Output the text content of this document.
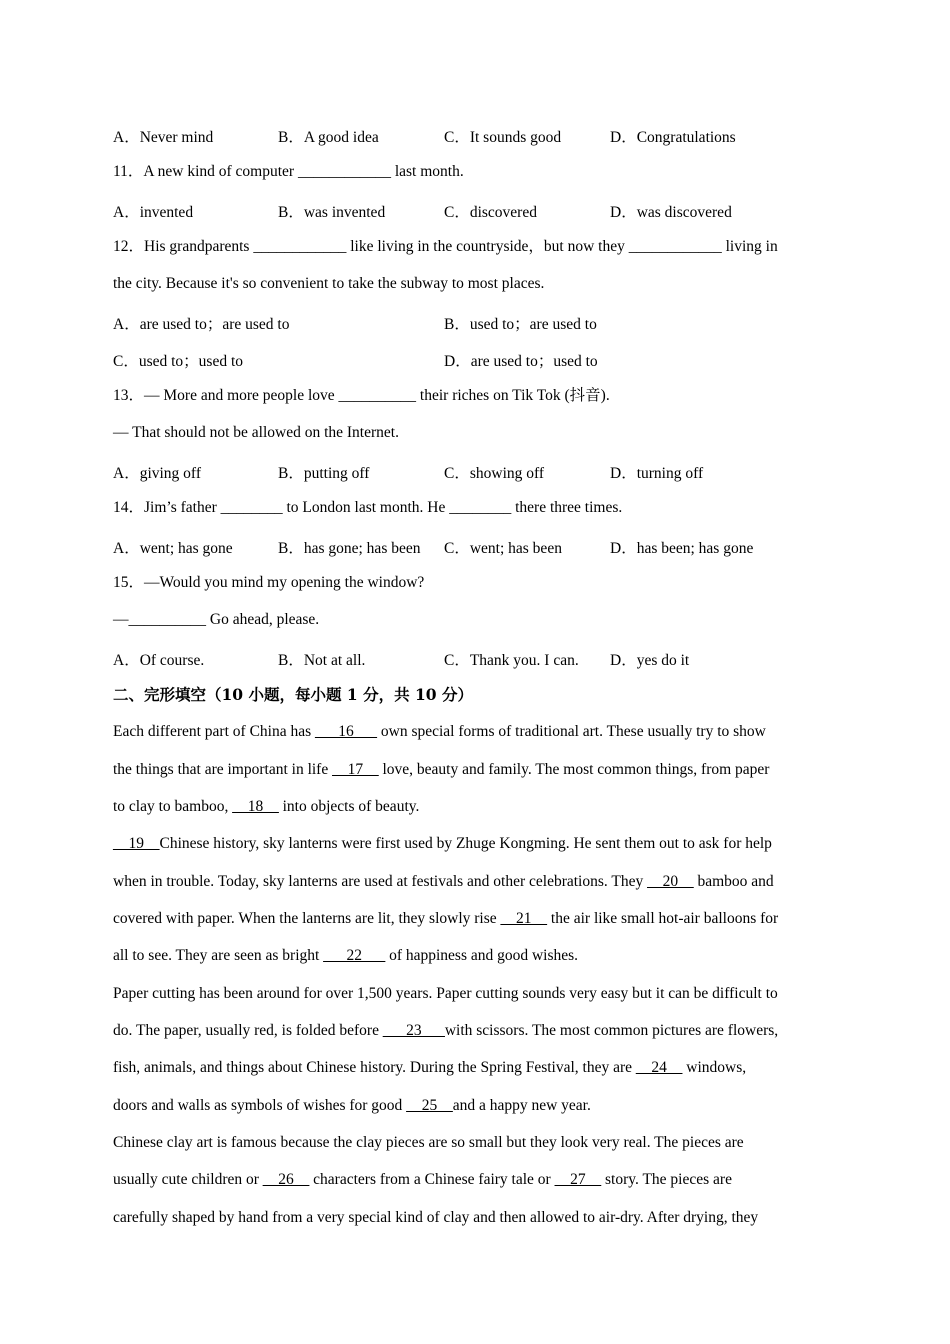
A．Never mind	B．A good idea	C．It sounds good	D．Congratulations
11．A new kind of computer ____________ last month.
A．invented	B．was invented	C．discovered	D．was discovered
12．His grandparents ____________ like living in the countryside，but now they ____________ living in
the city. Because it's so convenient to take the subway to most places.
A．are used to；are used to	B．used to；are used to
C．used to；used to	D．are used to；used to
13．— More and more people love __________ their riches on Tik Tok (抖音).
— That should not be allowed on the Internet.
A．giving off	B．putting off	C．showing off	D．turning off
14．Jim’s father ________ to London last month. He ________ there three times.
A．went; has gone	B．has gone; has been C．went; has been	D．has been; has gone
15．—Would you mind my opening the window?
—__________ Go ahead, please.
A．Of course.	B．Not at all.	C．Thank you. I can. D．yes do it
二、完形填空（10 小题，每小题 1 分，共 10 分）
Each different part of China has ___16___ own special forms of traditional art. These usually try to show
the things that are important in life __17__ love, beauty and family. The most common things, from paper
to clay to bamboo, __18__ into objects of beauty.
__19__Chinese history, sky lanterns were first used by Zhuge Kongming. He sent them out to ask for help
when in trouble. Today, sky lanterns are used at festivals and other celebrations. They __20__ bamboo and
covered with paper. When the lanterns are lit, they slowly rise __21__ the air like small hot-air balloons for
all to see. They are seen as bright ___22___ of happiness and good wishes.
Paper cutting has been around for over 1,500 years. Paper cutting sounds very easy but it can be difficult to
do. The paper, usually red, is folded before ___23___with scissors. The most common pictures are flowers,
fish, animals, and things about Chinese history. During the Spring Festival, they are __24__ windows,
doors and walls as symbols of wishes for good __25__and a happy new year.
Chinese clay art is famous because the clay pieces are so small but they look very real. The pieces are
usually cute children or __26__ characters from a Chinese fairy tale or __27__ story. The pieces are
carefully shaped by hand from a very special kind of clay and then allowed to air-dry. After drying, they
